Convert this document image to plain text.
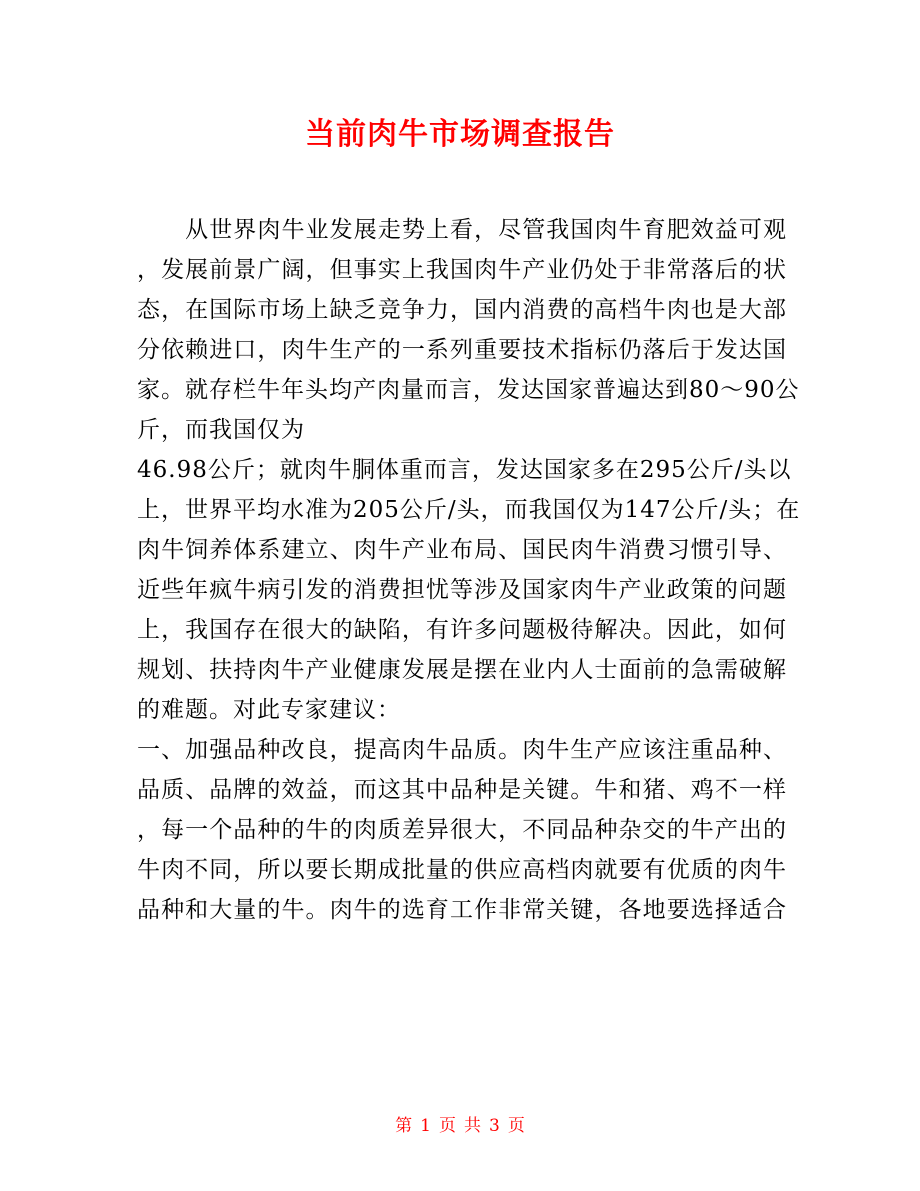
当前肉牛市场调查报告
　　从世界肉牛业发展走势上看，尽管我国肉牛育肥效益可观
，发展前景广阔，但事实上我国肉牛产业仍处于非常落后的状
态，在国际市场上缺乏竞争力，国内消费的高档牛肉也是大部
分依赖进口，肉牛生产的一系列重要技术指标仍落后于发达国
家。就存栏牛年头均产肉量而言，发达国家普遍达到80～90公
斤，而我国仅为
46.98公斤；就肉牛胴体重而言，发达国家多在295公斤/头以
上，世界平均水准为205公斤/头，而我国仅为147公斤/头；在
肉牛饲养体系建立、肉牛产业布局、国民肉牛消费习惯引导、
近些年疯牛病引发的消费担忧等涉及国家肉牛产业政策的问题
上，我国存在很大的缺陷，有许多问题极待解决。因此，如何
规划、扶持肉牛产业健康发展是摆在业内人士面前的急需破解
的难题。对此专家建议：
一、加强品种改良，提高肉牛品质。肉牛生产应该注重品种、
品质、品牌的效益，而这其中品种是关键。牛和猪、鸡不一样
，每一个品种的牛的肉质差异很大，不同品种杂交的牛产出的
牛肉不同，所以要长期成批量的供应高档肉就要有优质的肉牛
品种和大量的牛。肉牛的选育工作非常关键，各地要选择适合
第 1 页 共 3 页
